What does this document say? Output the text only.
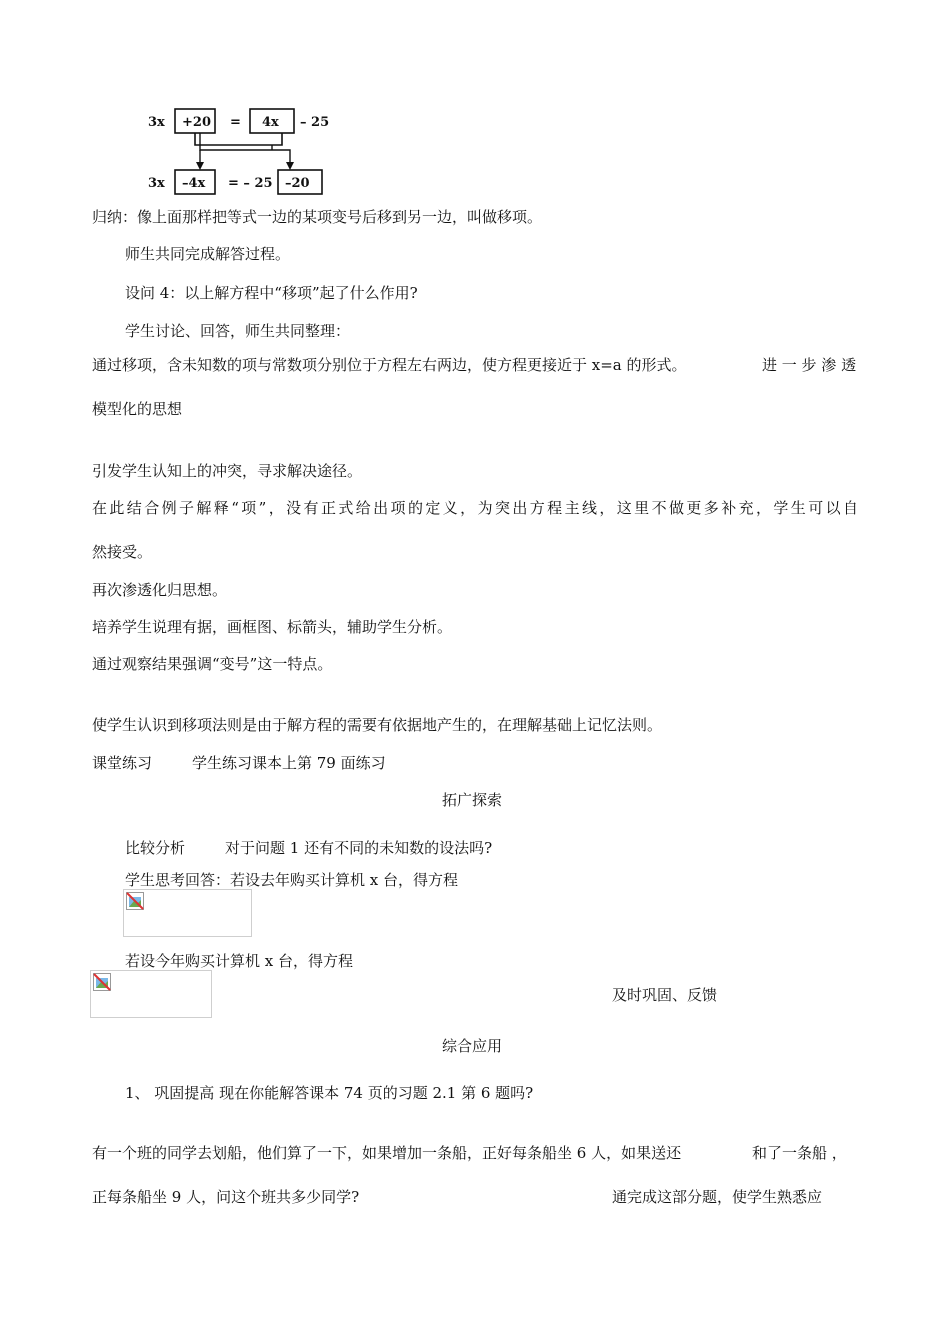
3x +20 = 4x – 25
3x –4x = – 25 –20
归纳：像上面那样把等式一边的某项变号后移到另一边，叫做移项。
师生共同完成解答过程。
设问 4：以上解方程中“移项”起了什么作用?
学生讨论、回答，师生共同整理：
通过移项，含未知数的项与常数项分别位于方程左右两边，使方程更接近于 x=a 的形式。	进 一 步 渗 透
模型化的思想
引发学生认知上的冲突，寻求解决途径。
在此结合例子解释“项”，没有正式给出项的定义，为突出方程主线，这里不做更多补充，学生可以自
然接受。
再次渗透化归思想。
培养学生说理有据，画框图、标箭头，辅助学生分析。
通过观察结果强调“变号”这一特点。
使学生认识到移项法则是由于解方程的需要有依据地产生的，在理解基础上记忆法则。
课堂练习	学生练习课本上第 79 面练习
拓广探索
比较分析	对于问题 1 还有不同的未知数的设法吗?
学生思考回答：若设去年购买计算机 x 台，得方程
若设今年购买计算机 x 台，得方程
及时巩固、反馈
综合应用
1、 巩固提高 现在你能解答课本 74 页的习题 2.1 第 6 题吗?
有一个班的同学去划船，他们算了一下，如果增加一条船，正好每条船坐 6 人，如果送还	和了一条船 ，
正每条船坐 9 人，问这个班共多少同学?	通完成这部分题，使学生熟悉应
